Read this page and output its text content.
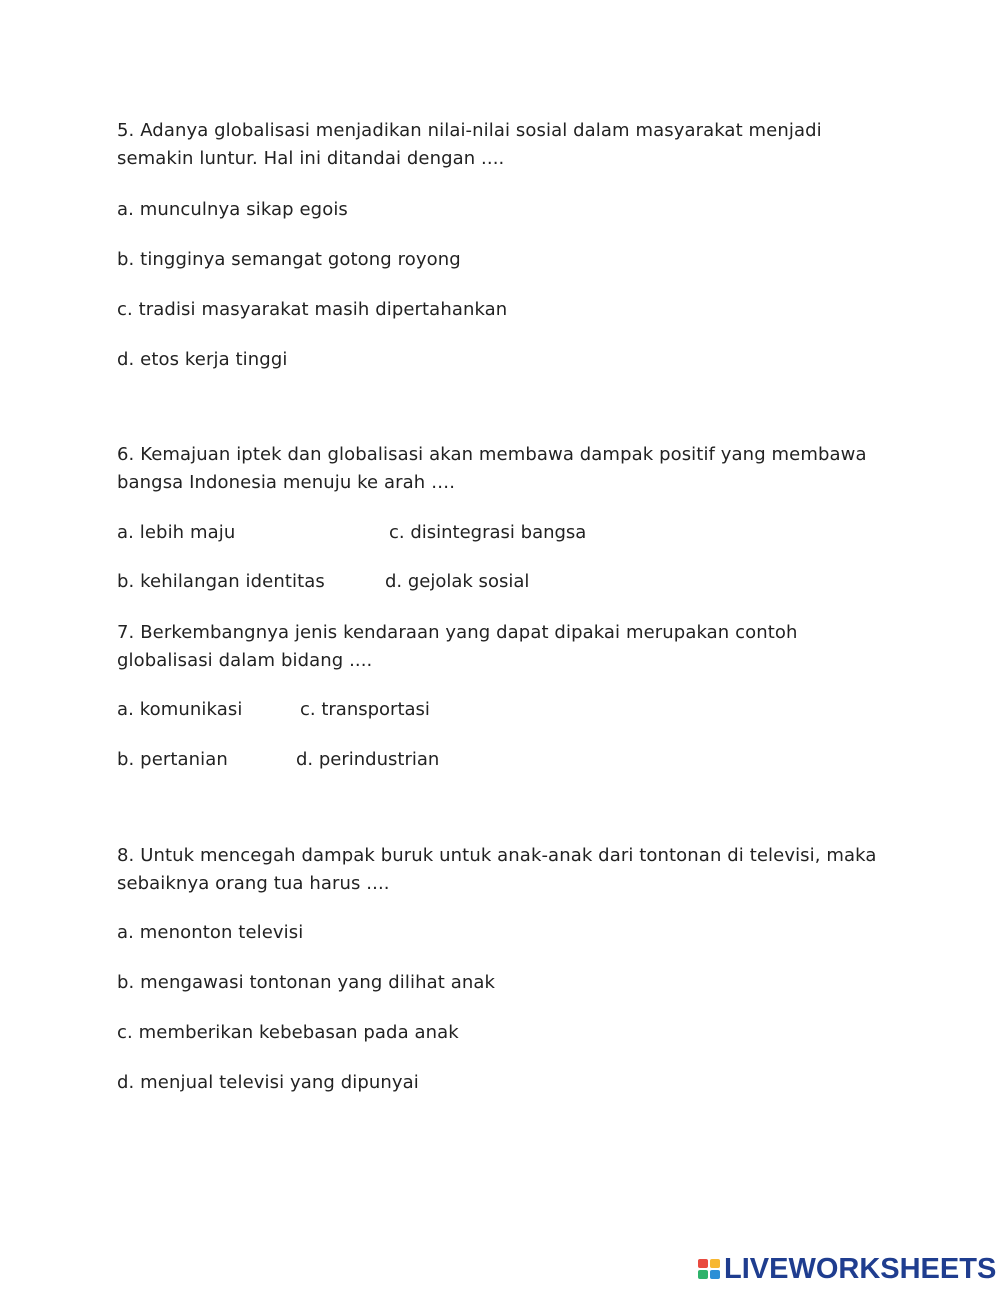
5. Adanya globalisasi menjadikan nilai-nilai sosial dalam masyarakat menjadi semakin luntur. Hal ini ditandai dengan ....
a. munculnya sikap egois
b. tingginya semangat gotong royong
c. tradisi masyarakat masih dipertahankan
d. etos kerja tinggi
6. Kemajuan iptek dan globalisasi akan membawa dampak positif yang membawa bangsa Indonesia menuju ke arah ….
a. lebih maju	c. disintegrasi bangsa
b. kehilangan identitas	d. gejolak sosial
7. Berkembangnya jenis kendaraan yang dapat dipakai merupakan contoh globalisasi dalam bidang ....
a. komunikasi	c. transportasi
b. pertanian	d. perindustrian
8. Untuk mencegah dampak buruk untuk anak-anak dari tontonan di televisi, maka sebaiknya orang tua harus ....
a. menonton televisi
b. mengawasi tontonan yang dilihat anak
c. memberikan kebebasan pada anak
d. menjual televisi yang dipunyai
LIVEWORKSHEETS
